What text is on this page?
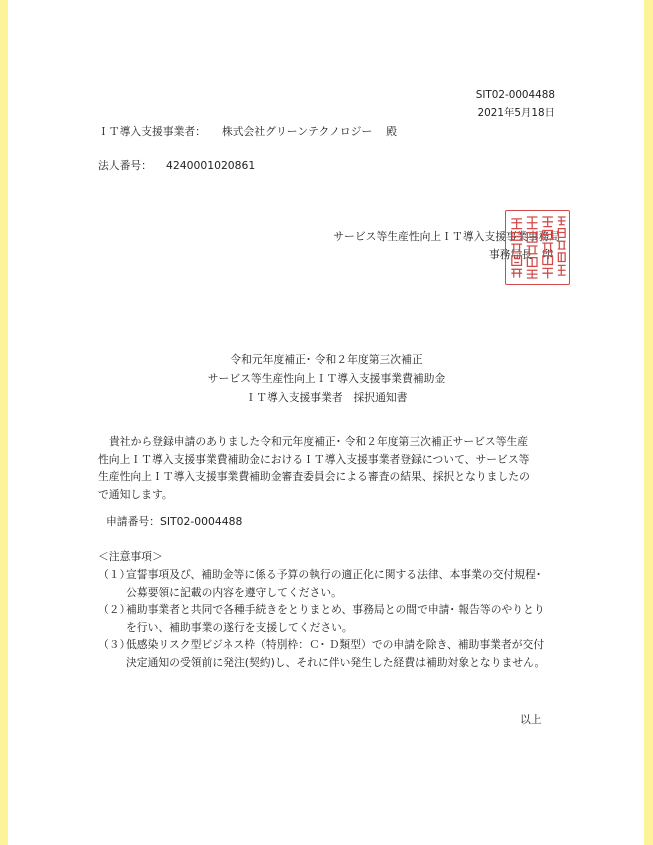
SIT02-0004488
2021年5月18日
ＩＴ導入支援事業者： 株式会社グリーンテクノロジー 殿
法人番号： 4240001020861
サービス等生産性向上ＩＴ導入支援事業事務局
事務局長 印
令和元年度補正･ 令和２年度第三次補正
サービス等生産性向上ＩＴ導入支援事業費補助金
ＩＴ導入支援事業者　採択通知書
貴社から登録申請のありました令和元年度補正･ 令和２年度第三次補正サービス等生産
性向上ＩＴ導入支援事業費補助金におけるＩＴ導入支援事業者登録について、サービス等
生産性向上ＩＴ導入支援事業費補助金審査委員会による審査の結果、採択となりましたの
で通知します。
申請番号：SIT02-0004488
＜注意事項＞
（１）
宣誓事項及び、補助金等に係る予算の執行の適正化に関する法律、本事業の交付規程･
公募要領に記載の内容を遵守してください。
（２）
補助事業者と共同で各種手続きをとりまとめ、事務局との間で申請･ 報告等のやりとり
を行い、補助事業の遂行を支援してください。
（３）
低感染リスク型ビジネス枠（特別枠：Ｃ･ Ｄ類型）での申請を除き、補助事業者が交付
決定通知の受領前に発注(契約)し、それに伴い発生した経費は補助対象となりません。
以上
